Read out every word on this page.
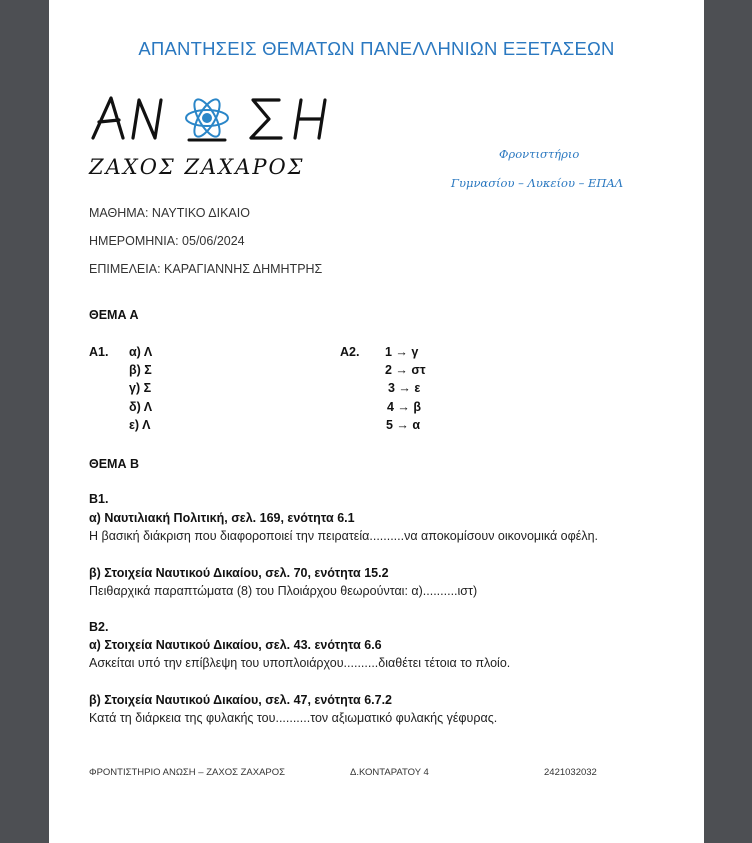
ΑΠΑΝΤΗΣΕΙΣ ΘΕΜΑΤΩΝ ΠΑΝΕΛΛΗΝΙΩΝ ΕΞΕΤΑΣΕΩΝ
ΖΑΧΟΣ ΖΑΧΑΡΟΣ
Φροντιστήριο
Γυμνασίου – Λυκείου – ΕΠΑΛ
ΜΑΘΗΜΑ: ΝΑΥΤΙΚΟ ΔΙΚΑΙΟ
ΗΜΕΡΟΜΗΝΙΑ: 05/06/2024
ΕΠΙΜΕΛΕΙΑ: ΚΑΡΑΓΙΑΝΝΗΣ ΔΗΜΗΤΡΗΣ
ΘΕΜΑ Α
Α1. α) Λ
β) Σ
γ) Σ
δ) Λ
ε) Λ
Α2. 1 → γ
2 → στ
3 → ε
4 → β
5 → α
ΘΕΜΑ Β
Β1.
α) Ναυτιλιακή Πολιτική, σελ. 169, ενότητα 6.1
Η βασική διάκριση που διαφοροποιεί την πειρατεία..........να αποκομίσουν οικονομικά οφέλη.
β) Στοιχεία Ναυτικού Δικαίου, σελ. 70, ενότητα 15.2
Πειθαρχικά παραπτώματα (8) του Πλοιάρχου θεωρούνται: α)..........ιστ)
Β2.
α) Στοιχεία Ναυτικού Δικαίου, σελ. 43. ενότητα 6.6
Ασκείται υπό την επίβλεψη του υποπλοιάρχου..........διαθέτει τέτοια το πλοίο.
β) Στοιχεία Ναυτικού Δικαίου, σελ. 47, ενότητα 6.7.2
Κατά τη διάρκεια της φυλακής του..........τον αξιωματικό φυλακής γέφυρας.
ΦΡΟΝΤΙΣΤΗΡΙΟ ΑΝΩΣΗ – ΖΑΧΟΣ ΖΑΧΑΡΟΣ	Δ.ΚΟΝΤΑΡΑΤΟΥ 4	2421032032
